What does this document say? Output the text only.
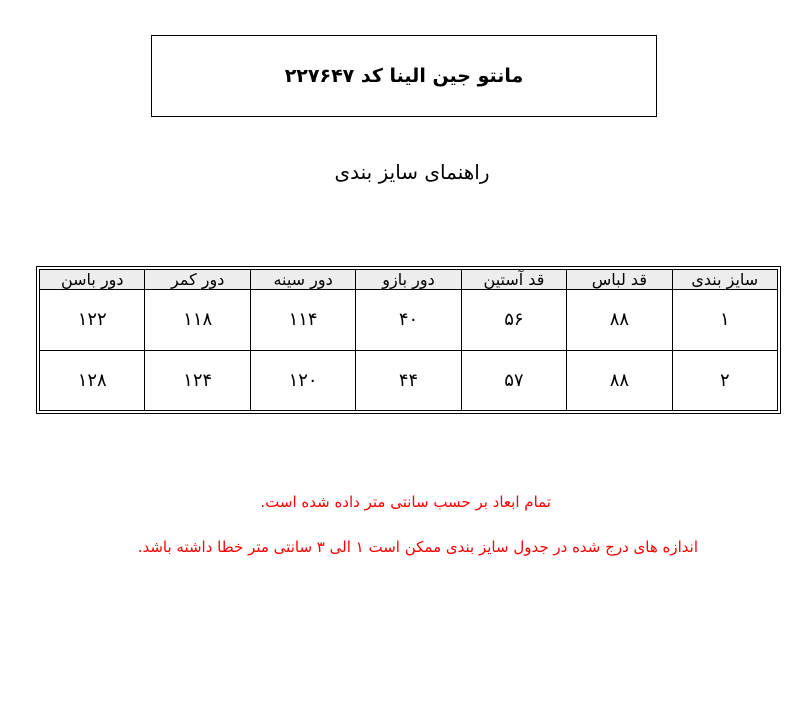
مانتو جین الینا کد ۲۲۷۶۴۷
راهنمای سایز بندی
سایز بندی	قد لباس	قد آستین	دور بازو	دور سینه	دور کمر	دور باسن
۱	۸۸	۵۶	۴۰	۱۱۴	۱۱۸	۱۲۲
۲	۸۸	۵۷	۴۴	۱۲۰	۱۲۴	۱۲۸
تمام ابعاد بر حسب سانتی متر داده شده است.
اندازه های درج شده در جدول سایز بندی ممکن است ۱ الی ۳ سانتی متر خطا داشته باشد.
